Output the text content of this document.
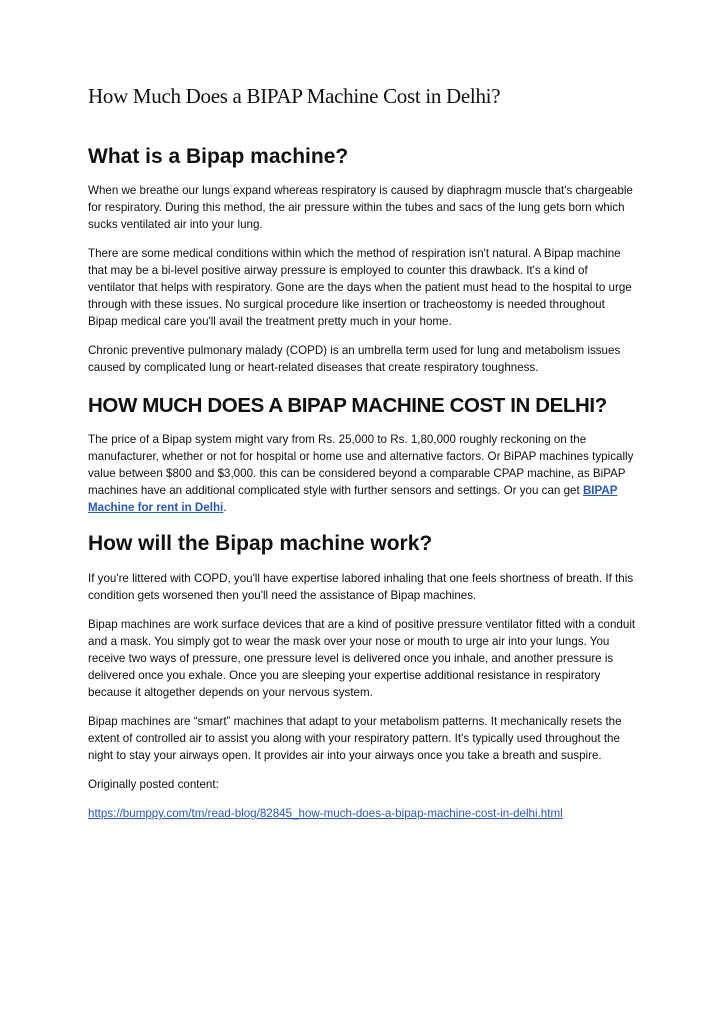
How Much Does a BIPAP Machine Cost in Delhi?
What is a Bipap machine?

When we breathe our lungs expand whereas respiratory is caused by diaphragm muscle that's chargeable for respiratory. During this method, the air pressure within the tubes and sacs of the lung gets born which sucks ventilated air into your lung.

There are some medical conditions within which the method of respiration isn't natural. A Bipap machine that may be a bi-level positive airway pressure is employed to counter this drawback. It's a kind of ventilator that helps with respiratory. Gone are the days when the patient must head to the hospital to urge through with these issues. No surgical procedure like insertion or tracheostomy is needed throughout Bipap medical care you'll avail the treatment pretty much in your home.

Chronic preventive pulmonary malady (COPD) is an umbrella term used for lung and metabolism issues caused by complicated lung or heart-related diseases that create respiratory toughness.

HOW MUCH DOES A BIPAP MACHINE COST IN DELHI?

The price of a Bipap system might vary from Rs. 25,000 to Rs. 1,80,000 roughly reckoning on the manufacturer, whether or not for hospital or home use and alternative factors. Or BiPAP machines typically value between $800 and $3,000. this can be considered beyond a comparable CPAP machine, as BiPAP machines have an additional complicated style with further sensors and settings. Or you can get BIPAP Machine for rent in Delhi.

How will the Bipap machine work?

If you're littered with COPD, you'll have expertise labored inhaling that one feels shortness of breath. If this condition gets worsened then you'll need the assistance of Bipap machines.

Bipap machines are work surface devices that are a kind of positive pressure ventilator fitted with a conduit and a mask. You simply got to wear the mask over your nose or mouth to urge air into your lungs. You receive two ways of pressure, one pressure level is delivered once you inhale, and another pressure is delivered once you exhale. Once you are sleeping your expertise additional resistance in respiratory because it altogether depends on your nervous system.

Bipap machines are “smart” machines that adapt to your metabolism patterns. It mechanically resets the extent of controlled air to assist you along with your respiratory pattern. It's typically used throughout the night to stay your airways open. It provides air into your airways once you take a breath and suspire.

Originally posted content:

https://bumppy.com/tm/read-blog/82845_how-much-does-a-bipap-machine-cost-in-delhi.html
